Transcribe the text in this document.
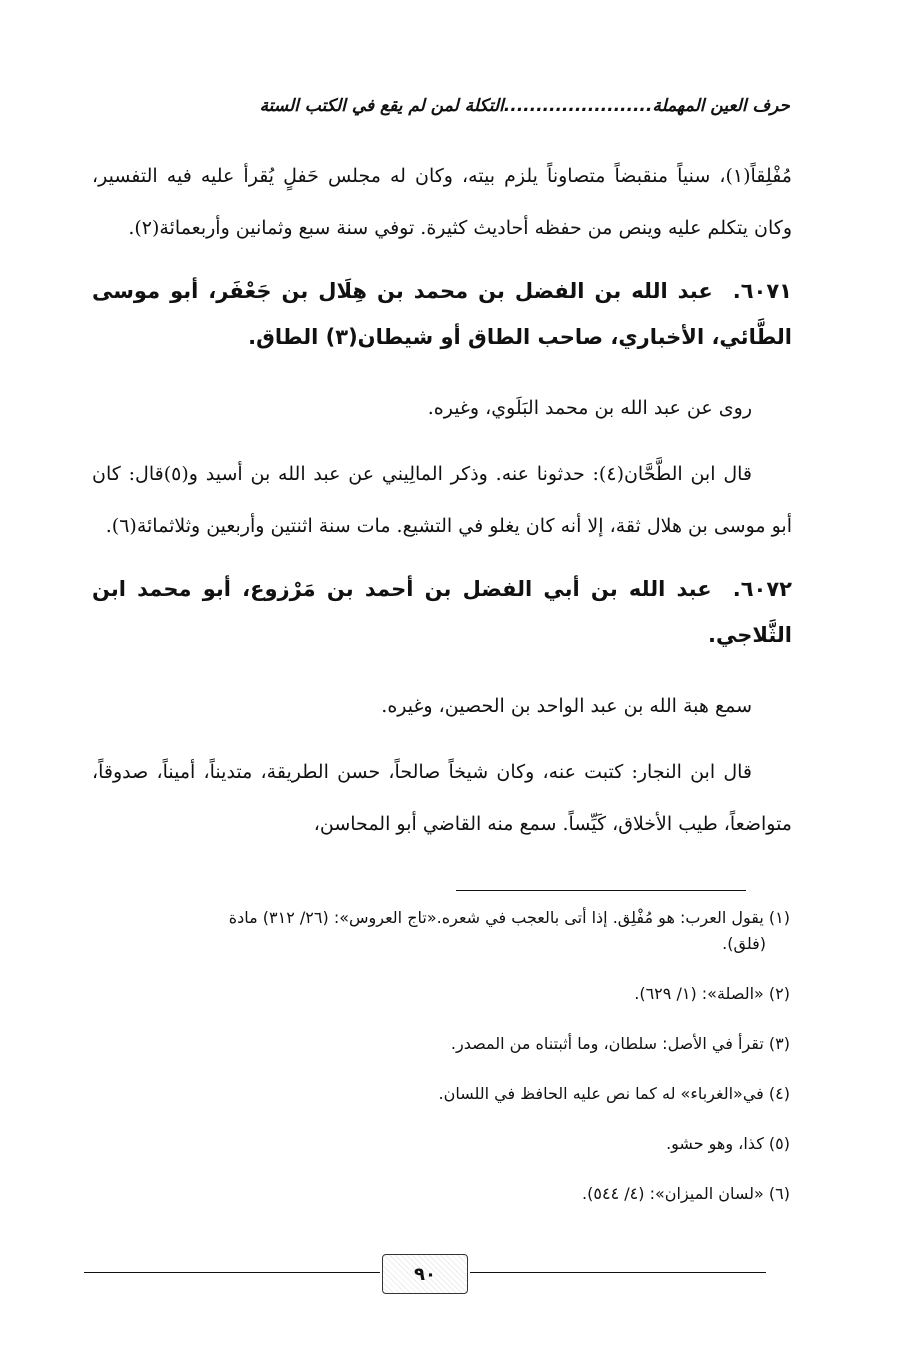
حرف العين المهملة.......................التكلة لمن لم يقع في الكتب الستة

مُفْلِقاً(١)، سنياً منقبضاً متصاوناً يلزم بيته، وكان له مجلس حَفلٍ يُقرأ عليه فيه التفسير، وكان يتكلم عليه وينص من حفظه أحاديث كثيرة. توفي سنة سبع وثمانين وأربعمائة(٢).

٦٠٧١. عبد الله بن الفضل بن محمد بن هِلَال بن جَعْفَر، أبو موسى الطَّائي، الأخباري، صاحب الطاق أو شيطان(٣) الطاق.

روى عن عبد الله بن محمد البَلَوي، وغيره.

قال ابن الطَّحَّان(٤): حدثونا عنه. وذكر المالِيني عن عبد الله بن أسيد و(٥)قال: كان أبو موسى بن هلال ثقة، إلا أنه كان يغلو في التشيع. مات سنة اثنتين وأربعين وثلاثمائة(٦).

٦٠٧٢. عبد الله بن أبي الفضل بن أحمد بن مَرْزوع، أبو محمد ابن الثَّلاجي.

سمع هبة الله بن عبد الواحد بن الحصين، وغيره.

قال ابن النجار: كتبت عنه، وكان شيخاً صالحاً، حسن الطريقة، متديناً، أميناً، صدوقاً، متواضعاً، طيب الأخلاق، كَيِّساً. سمع منه القاضي أبو المحاسن،

(١) يقول العرب: هو مُفْلِق. إذا أتى بالعجب في شعره.«تاج العروس»: (٢٦/ ٣١٢) مادة
(فلق).
(٢) «الصلة»: (١/ ٦٢٩).
(٣) تقرأ في الأصل: سلطان، وما أثبتناه من المصدر.
(٤) في«الغرباء» له كما نص عليه الحافظ في اللسان.
(٥) كذا، وهو حشو.
(٦) «لسان الميزان»: (٤/ ٥٤٤).
٩٠
